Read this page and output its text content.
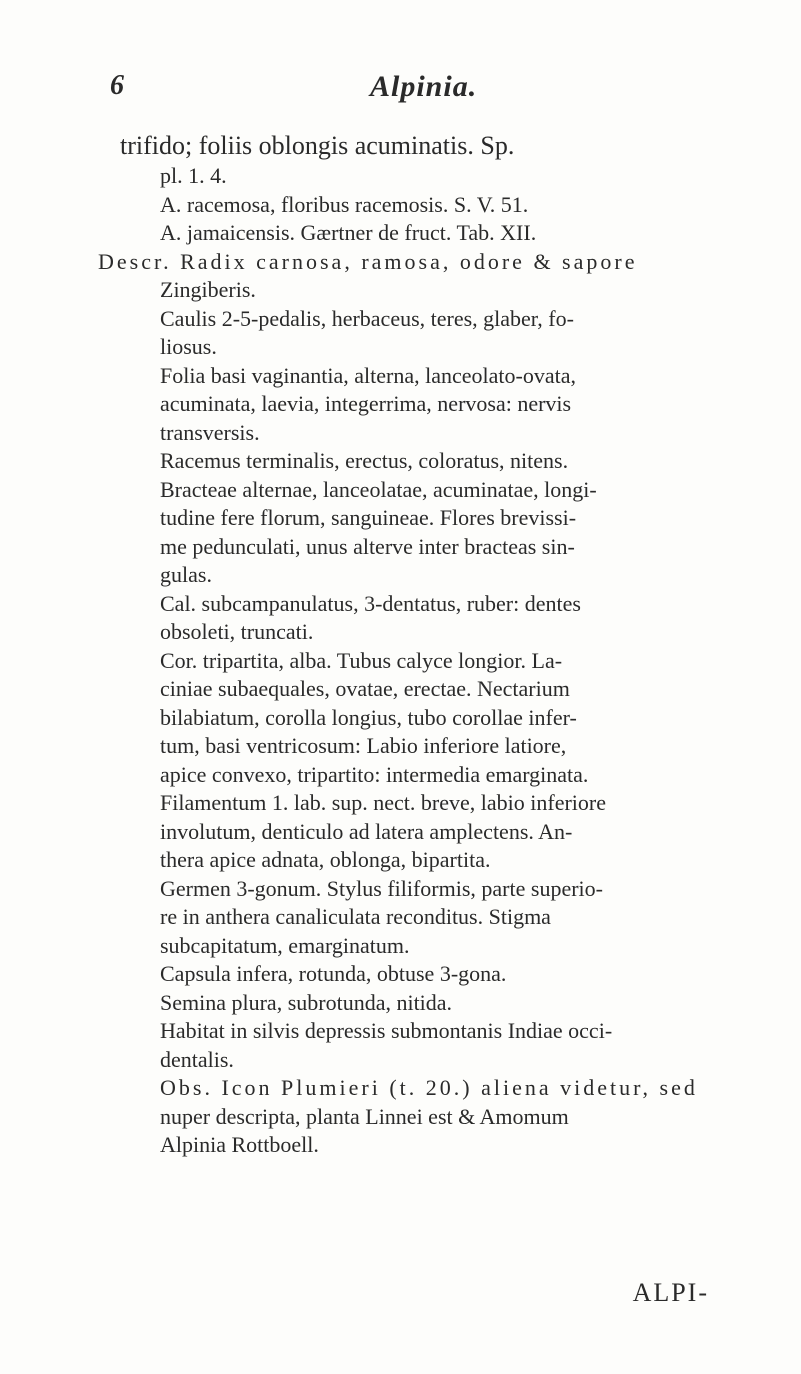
6	Alpinia.
trifido; foliis oblongis acuminatis. Sp.
pl. 1. 4.
A. racemosa, floribus racemosis. S. V. 51.
A. jamaicensis. Gærtner de fruct. Tab. XII.
Descr. Radix carnosa, ramosa, odore & sapore
Zingiberis.
Caulis 2-5-pedalis, herbaceus, teres, glaber, fo-
liosus.
Folia basi vaginantia, alterna, lanceolato-ovata,
acuminata, laevia, integerrima, nervosa: nervis
transversis.
Racemus terminalis, erectus, coloratus, nitens.
Bracteae alternae, lanceolatae, acuminatae, longi-
tudine fere florum, sanguineae. Flores brevissi-
me pedunculati, unus alterve inter bracteas sin-
gulas.
Cal. subcampanulatus, 3-dentatus, ruber: dentes
obsoleti, truncati.
Cor. tripartita, alba. Tubus calyce longior. La-
ciniae subaequales, ovatae, erectae. Nectarium
bilabiatum, corolla longius, tubo corollae infer-
tum, basi ventricosum: Labio inferiore latiore,
apice convexo, tripartito: intermedia emarginata.
Filamentum 1. lab. sup. nect. breve, labio inferiore
involutum, denticulo ad latera amplectens. An-
thera apice adnata, oblonga, bipartita.
Germen 3-gonum. Stylus filiformis, parte superio-
re in anthera canaliculata reconditus. Stigma
subcapitatum, emarginatum.
Capsula infera, rotunda, obtuse 3-gona.
Semina plura, subrotunda, nitida.
Habitat in silvis depressis submontanis Indiae occi-
dentalis.
Obs. Icon Plumieri (t. 20.) aliena videtur, sed
nuper descripta, planta Linnei est & Amomum
Alpinia Rottboell.
ALPI-
